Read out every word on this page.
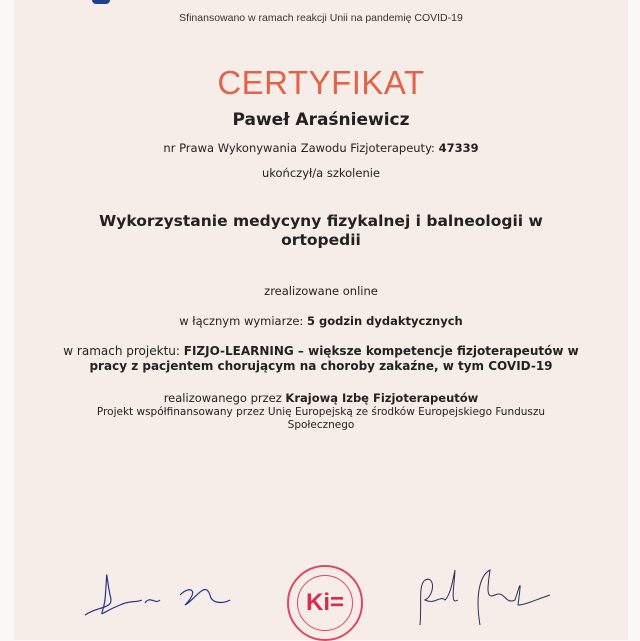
Sfinansowano w ramach reakcji Unii na pandemię COVID-19
CERTYFIKAT
Paweł Araśniewicz
nr Prawa Wykonywania Zawodu Fizjoterapeuty: 47339
ukończył/a szkolenie
Wykorzystanie medycyny fizykalnej i balneologii w ortopedii
zrealizowane online
w łącznym wymiarze: 5 godzin dydaktycznych
w ramach projektu: FIZJO-LEARNING – większe kompetencje fizjoterapeutów w pracy z pacjentem chorującym na choroby zakaźne, w tym COVID-19
realizowanego przez Krajową Izbę Fizjoterapeutów
Projekt współfinansowany przez Unię Europejską ze środków Europejskiego Funduszu Społecznego
Ki=
